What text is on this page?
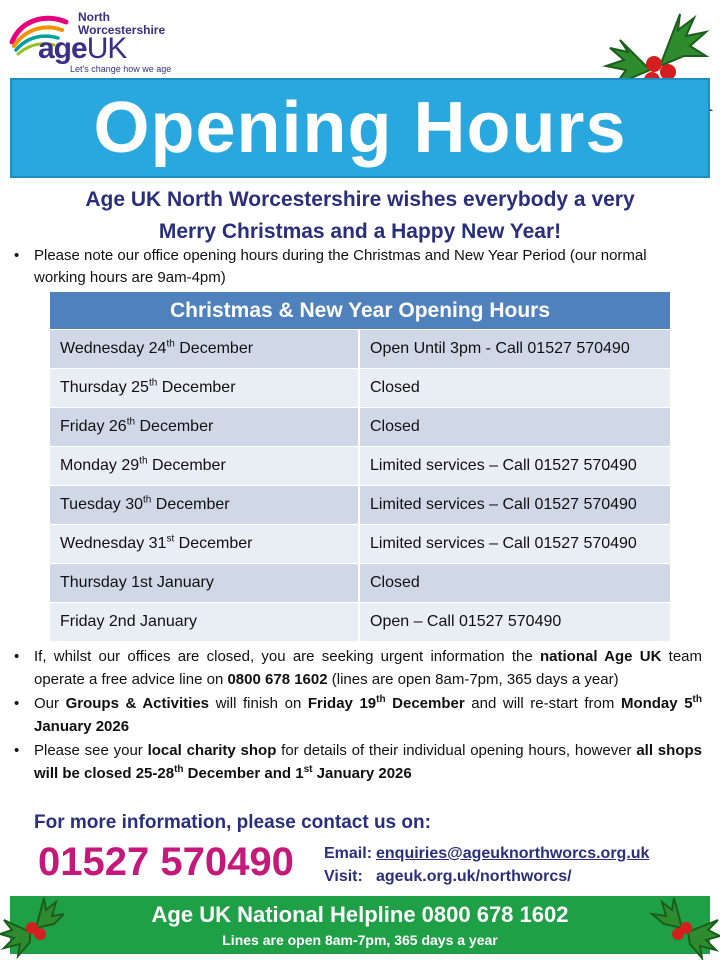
North
Worcestershire
ageUK
Let's change how we age
Opening Hours
Age UK North Worcestershire wishes everybody a very
Merry Christmas and a Happy New Year!
• Please note our office opening hours during the Christmas and New Year Period (our normal working hours are 9am-4pm)
Christmas & New Year Opening Hours
Wednesday 24th December	Open Until 3pm - Call 01527 570490
Thursday 25th December	Closed
Friday 26th December	Closed
Monday 29th December	Limited services – Call 01527 570490
Tuesday 30th December	Limited services – Call 01527 570490
Wednesday 31st December	Limited services – Call 01527 570490
Thursday 1st January	Closed
Friday 2nd January	Open – Call 01527 570490
• If, whilst our offices are closed, you are seeking urgent information the national Age UK team operate a free advice line on 0800 678 1602 (lines are open 8am-7pm, 365 days a year)
• Our Groups & Activities will finish on Friday 19th December and will re-start from Monday 5th January 2026
• Please see your local charity shop for details of their individual opening hours, however all shops will be closed 25-28th December and 1st January 2026
For more information, please contact us on:
01527 570490 Email: enquiries@ageuknorthworcs.org.uk
Visit: ageuk.org.uk/northworcs/
Age UK National Helpline 0800 678 1602
Lines are open 8am-7pm, 365 days a year
